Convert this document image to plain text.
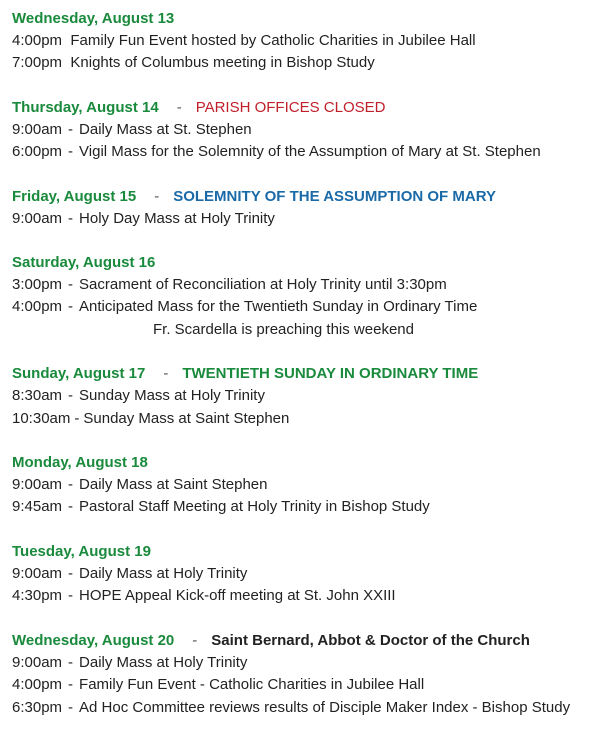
Wednesday, August 13
4:00pm Family Fun Event hosted by Catholic Charities in Jubilee Hall
7:00pm Knights of Columbus meeting in Bishop Study
Thursday, August 14 - PARISH OFFICES CLOSED
9:00am - Daily Mass at St. Stephen
6:00pm - Vigil Mass for the Solemnity of the Assumption of Mary at St. Stephen
Friday, August 15 - SOLEMNITY OF THE ASSUMPTION OF MARY
9:00am - Holy Day Mass at Holy Trinity
Saturday, August 16
3:00pm - Sacrament of Reconciliation at Holy Trinity until 3:30pm
4:00pm - Anticipated Mass for the Twentieth Sunday in Ordinary Time
Fr. Scardella is preaching this weekend
Sunday, August 17 - TWENTIETH SUNDAY IN ORDINARY TIME
8:30am - Sunday Mass at Holy Trinity
10:30am - Sunday Mass at Saint Stephen
Monday, August 18
9:00am - Daily Mass at Saint Stephen
9:45am - Pastoral Staff Meeting at Holy Trinity in Bishop Study
Tuesday, August 19
9:00am - Daily Mass at Holy Trinity
4:30pm - HOPE Appeal Kick-off meeting at St. John XXIII
Wednesday, August 20 - Saint Bernard, Abbot & Doctor of the Church
9:00am - Daily Mass at Holy Trinity
4:00pm - Family Fun Event - Catholic Charities in Jubilee Hall
6:30pm - Ad Hoc Committee reviews results of Disciple Maker Index - Bishop Study
